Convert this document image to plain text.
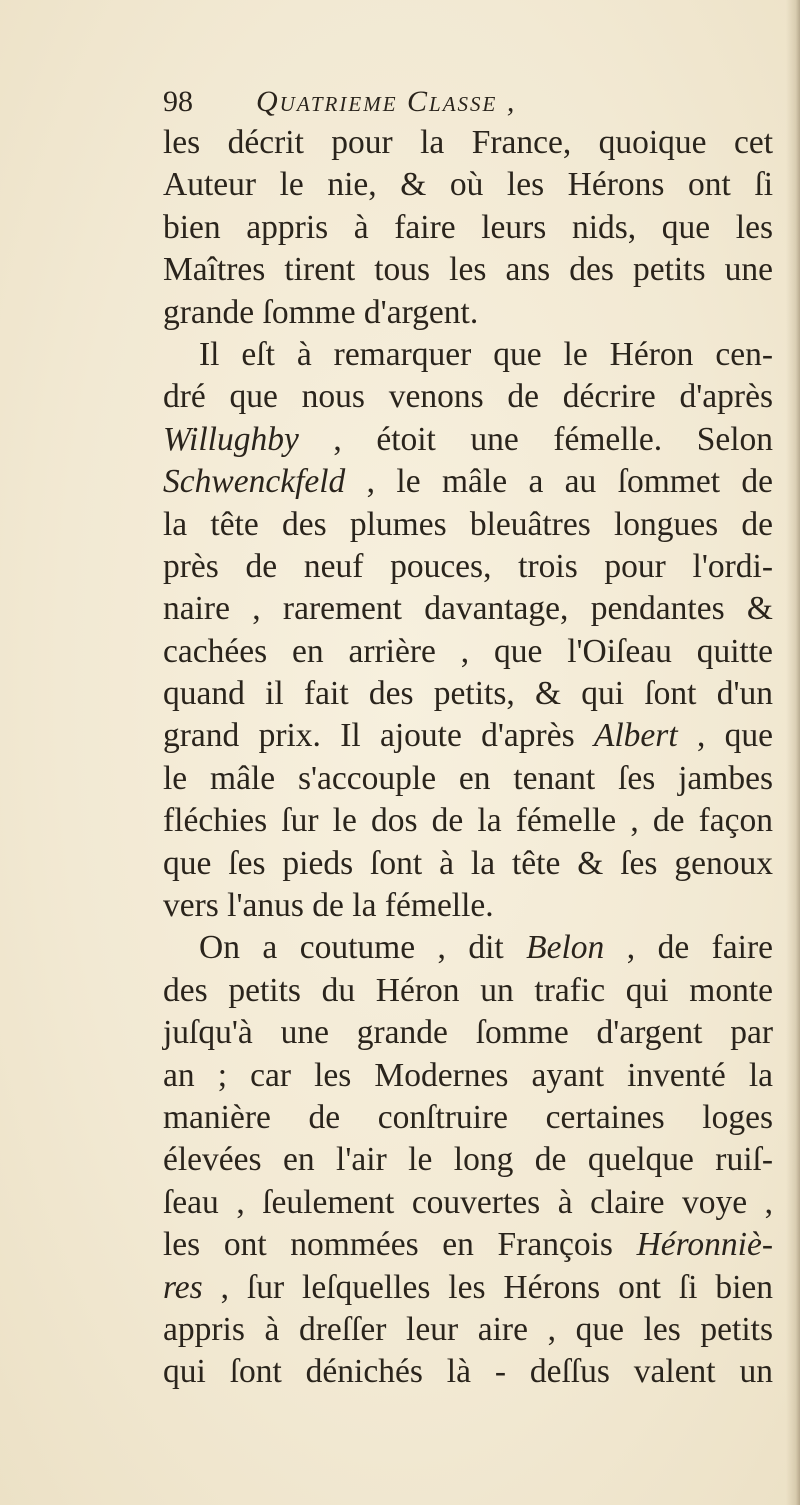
98 Quatrieme Classe ,
les décrit pour la France, quoique cet
Auteur le nie, & où les Hérons ont ſi
bien appris à faire leurs nids, que les
Maîtres tirent tous les ans des petits une
grande ſomme d'argent.
Il eſt à remarquer que le Héron cen-
dré que nous venons de décrire d'après
Willughby , étoit une fémelle. Selon
Schwenckfeld , le mâle a au ſommet de
la tête des plumes bleuâtres longues de
près de neuf pouces, trois pour l'ordi-
naire , rarement davantage, pendantes &
cachées en arrière , que l'Oiſeau quitte
quand il fait des petits, & qui ſont d'un
grand prix. Il ajoute d'après Albert , que
le mâle s'accouple en tenant ſes jambes
fléchies ſur le dos de la fémelle , de façon
que ſes pieds ſont à la tête & ſes genoux
vers l'anus de la fémelle.
On a coutume , dit Belon , de faire
des petits du Héron un trafic qui monte
juſqu'à une grande ſomme d'argent par
an ; car les Modernes ayant inventé la
manière de conſtruire certaines loges
élevées en l'air le long de quelque ruiſ-
ſeau , ſeulement couvertes à claire voye ,
les ont nommées en François Héronniè-
res , ſur leſquelles les Hérons ont ſi bien
appris à dreſſer leur aire , que les petits
qui ſont dénichés là - deſſus valent un
